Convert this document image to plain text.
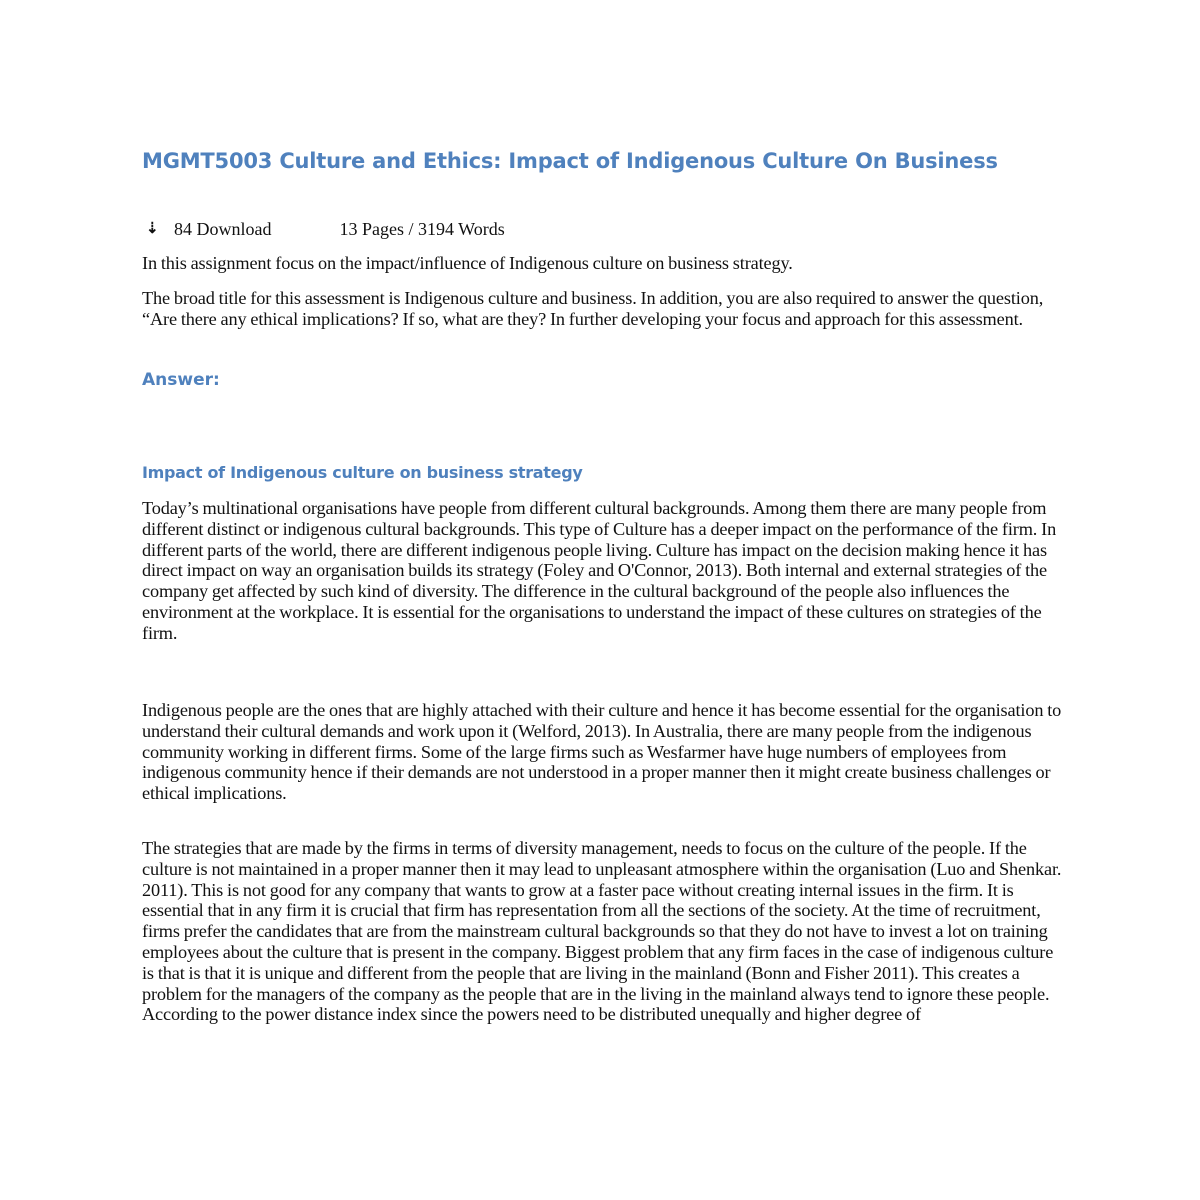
MGMT5003 Culture and Ethics: Impact of Indigenous Culture On Business
⇣ 84 Download	13 Pages / 3194 Words

In this assignment focus on the impact/influence of Indigenous culture on business strategy.

The broad title for this assessment is Indigenous culture and business. In addition, you are also required to answer the question, “Are there any ethical implications? If so, what are they? In further developing your focus and approach for this assessment.

Answer:
Impact of Indigenous culture on business strategy

Today’s multinational organisations have people from different cultural backgrounds. Among them there are many people from different distinct or indigenous cultural backgrounds. This type of Culture has a deeper impact on the performance of the firm. In different parts of the world, there are different indigenous people living. Culture has impact on the decision making hence it has direct impact on way an organisation builds its strategy (Foley and O'Connor, 2013). Both internal and external strategies of the company get affected by such kind of diversity. The difference in the cultural background of the people also influences the environment at the workplace. It is essential for the organisations to understand the impact of these cultures on strategies of the firm.

Indigenous people are the ones that are highly attached with their culture and hence it has become essential for the organisation to understand their cultural demands and work upon it (Welford, 2013). In Australia, there are many people from the indigenous community working in different firms. Some of the large firms such as Wesfarmer have huge numbers of employees from indigenous community hence if their demands are not understood in a proper manner then it might create business challenges or ethical implications.

The strategies that are made by the firms in terms of diversity management, needs to focus on the culture of the people. If the culture is not maintained in a proper manner then it may lead to unpleasant atmosphere within the organisation (Luo and Shenkar. 2011). This is not good for any company that wants to grow at a faster pace without creating internal issues in the firm. It is essential that in any firm it is crucial that firm has representation from all the sections of the society. At the time of recruitment, firms prefer the candidates that are from the mainstream cultural backgrounds so that they do not have to invest a lot on training employees about the culture that is present in the company. Biggest problem that any firm faces in the case of indigenous culture is that is that it is unique and different from the people that are living in the mainland (Bonn and Fisher 2011). This creates a problem for the managers of the company as the people that are in the living in the mainland always tend to ignore these people. According to the power distance index since the powers need to be distributed unequally and higher degree of
